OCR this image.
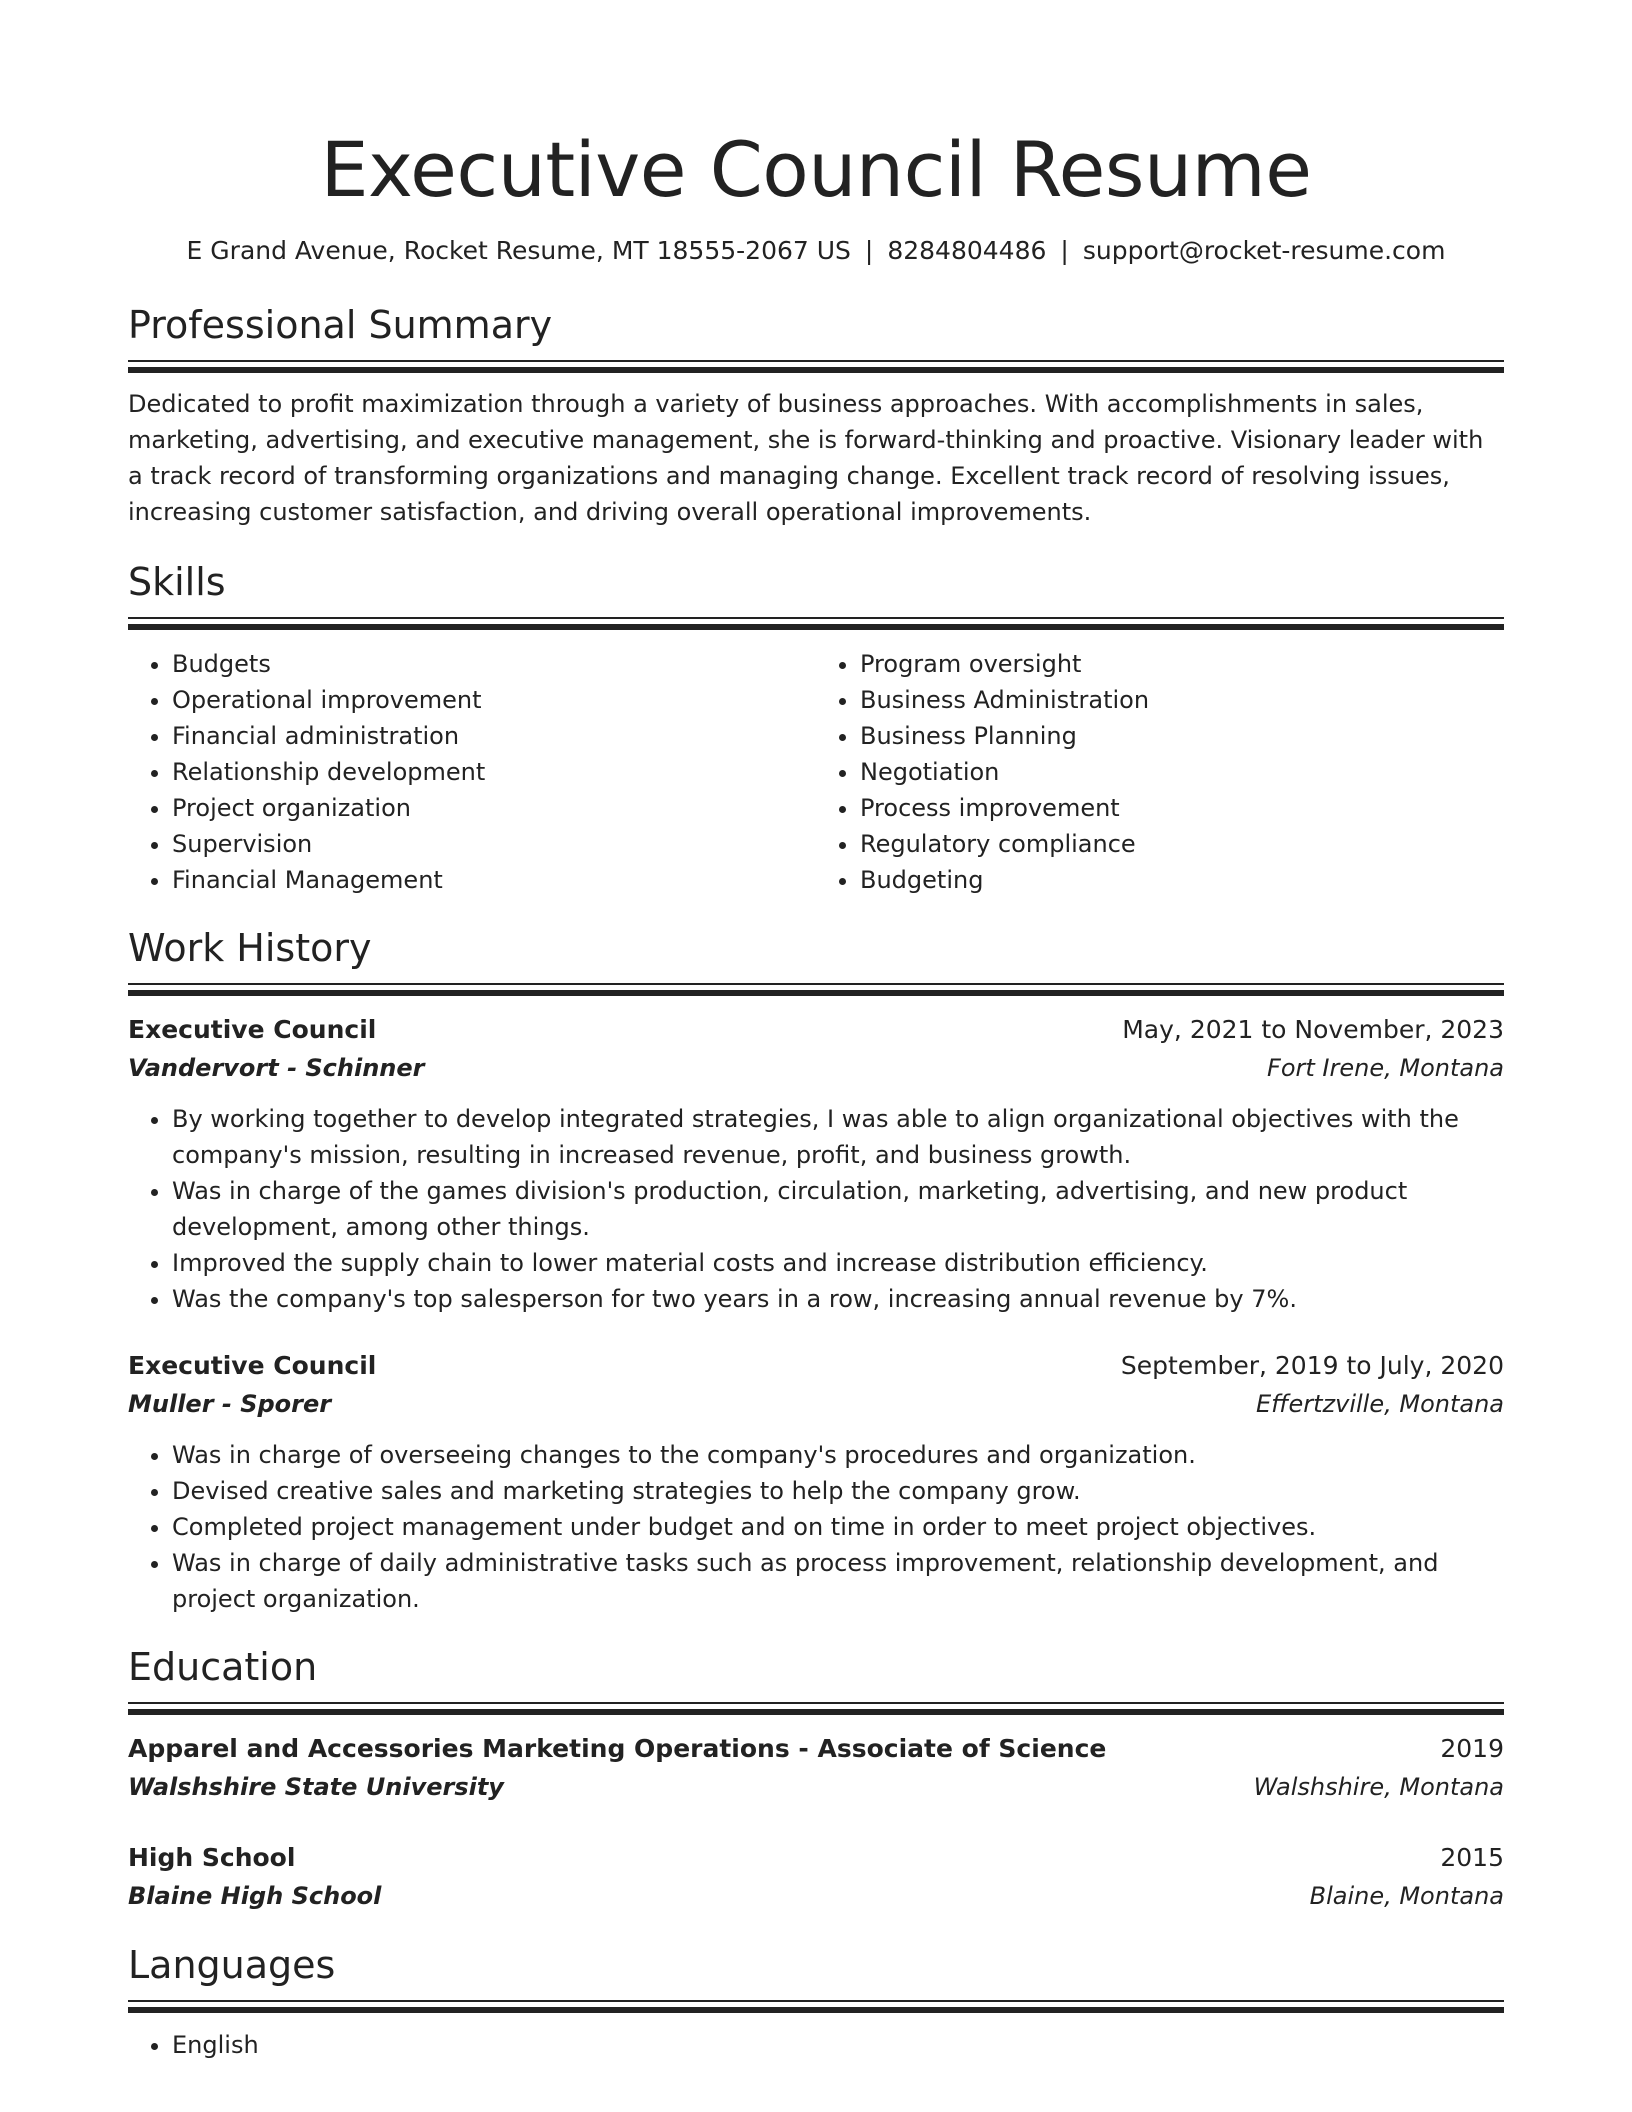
Executive Council Resume
E Grand Avenue, Rocket Resume, MT 18555-2067 US | 8284804486 | support@rocket-resume.com
Professional Summary

Dedicated to profit maximization through a variety of business approaches. With accomplishments in sales, marketing, advertising, and executive management, she is forward-thinking and proactive. Visionary leader with a track record of transforming organizations and managing change. Excellent track record of resolving issues, increasing customer satisfaction, and driving overall operational improvements.

Skills
• Budgets
• Operational improvement
• Financial administration
• Relationship development
• Project organization
• Supervision
• Financial Management
• Program oversight
• Business Administration
• Business Planning
• Negotiation
• Process improvement
• Regulatory compliance
• Budgeting
Work History
Executive Council	May, 2021 to November, 2023
Vandervort - Schinner	Fort Irene, Montana
• By working together to develop integrated strategies, I was able to align organizational objectives with the company's mission, resulting in increased revenue, profit, and business growth.
• Was in charge of the games division's production, circulation, marketing, advertising, and new product development, among other things.
• Improved the supply chain to lower material costs and increase distribution efficiency.
• Was the company's top salesperson for two years in a row, increasing annual revenue by 7%.
Executive Council	September, 2019 to July, 2020
Muller - Sporer	Effertzville, Montana
• Was in charge of overseeing changes to the company's procedures and organization.
• Devised creative sales and marketing strategies to help the company grow.
• Completed project management under budget and on time in order to meet project objectives.
• Was in charge of daily administrative tasks such as process improvement, relationship development, and project organization.
Education
Apparel and Accessories Marketing Operations - Associate of Science	2019
Walshshire State University	Walshshire, Montana
High School	2015
Blaine High School	Blaine, Montana
Languages
• English
